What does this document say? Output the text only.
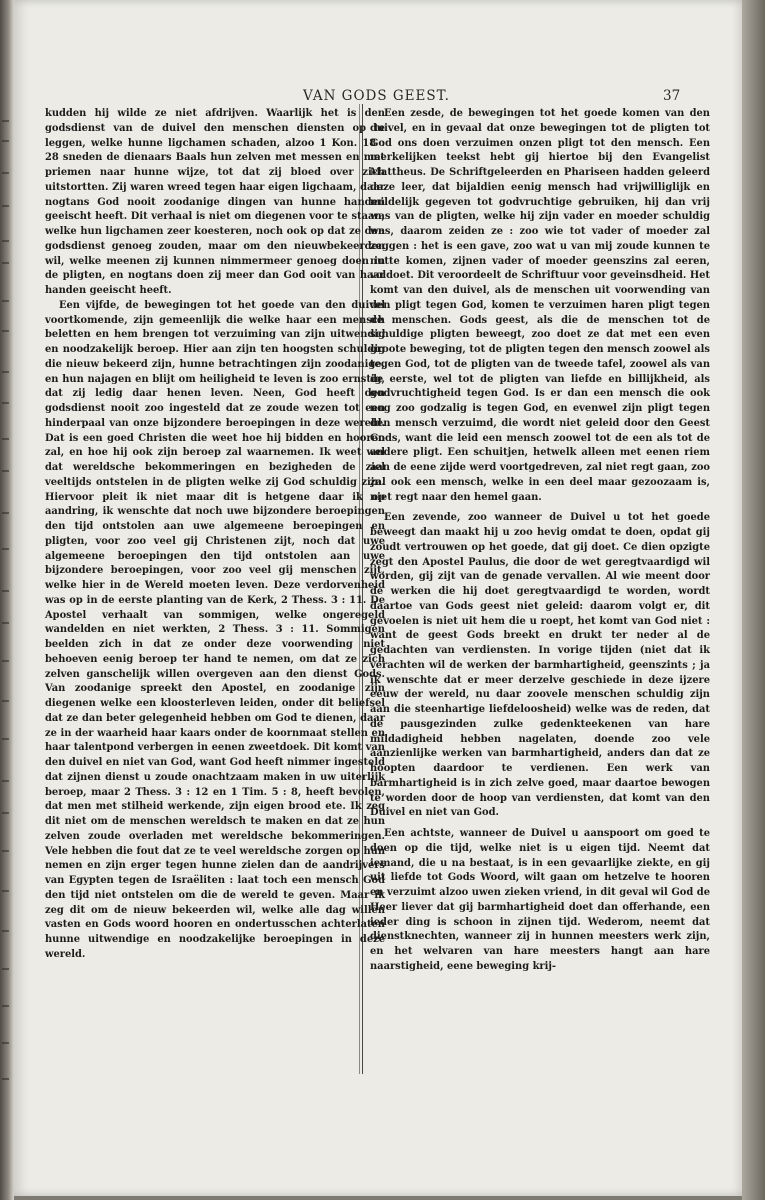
VAN GODS GEEST.	37

kudden hij wilde ze niet afdrijven. Waarlijk het is den godsdienst van de duivel den menschen diensten op te leggen, welke hunne ligchamen schaden, alzoo 1 Kon. 18 : 28 sneden de dienaars Baals hun zelven met messen en met priemen naar hunne wijze, tot dat zij bloed over zich uitstortten. Zij waren wreed tegen haar eigen ligchaam, daar nogtans God nooit zoodanige dingen van hunne handen geeischt heeft. Dit verhaal is niet om diegenen voor te staan, welke hun ligchamen zeer koesteren, noch ook op dat ze den godsdienst genoeg zouden, maar om den nieuwbekeerden wil, welke meenen zij kunnen nimmermeer genoeg doen in de pligten, en nogtans doen zij meer dan God ooit van haar handen geeischt heeft.

Een vijfde, de bewegingen tot het goede van den duivel voortkomende, zijn gemeenlijk die welke haar een mensch beletten en hem brengen tot verzuiming van zijn uitwendig en noodzakelijk beroep. Hier aan zijn ten hoogsten schuldig die nieuw bekeerd zijn, hunne betrachtingen zijn zoodanige, en hun najagen en blijt om heiligheid te leven is zoo ernstig, dat zij ledig daar henen leven. Neen, God heeft den godsdienst nooit zoo ingesteld dat ze zoude wezen tot een hinderpaal van onze bijzondere beroepingen in deze wereld. Dat is een goed Christen die weet hoe hij bidden en hooren zal, en hoe hij ook zijn beroep zal waarnemen. Ik weet wel dat wereldsche bekommeringen en bezigheden de ziel veeltijds ontstelen in de pligten welke zij God schuldig zijn. Hiervoor pleit ik niet maar dit is hetgene daar ik op aandring, ik wenschte dat noch uwe bijzondere beroepingen den tijd ontstolen aan uwe algemeene beroepingen en pligten, voor zoo veel gij Christenen zijt, noch dat uwe algemeene beroepingen den tijd ontstolen aan uwe bijzondere beroepingen, voor zoo veel gij menschen zijt, welke hier in de Wereld moeten leven. Deze verdorvenheid was op in de eerste planting van de Kerk, 2 Thess. 3 : 11. De Apostel verhaalt van sommigen, welke ongeregeld wandelden en niet werkten, 2 Thess. 3 : 11. Sommigen beelden zich in dat ze onder deze voorwending niet behoeven eenig beroep ter hand te nemen, om dat ze zich zelven ganschelijk willen overgeven aan den dienst Gods. Van zoodanige spreekt den Apostel, en zoodanige zijn diegenen welke een kloosterleven leiden, onder dit beliefsel dat ze dan beter gelegenheid hebben om God te dienen, daar ze in der waarheid haar kaars onder de koornmaat stellen en haar talentpond verbergen in eenen zweetdoek. Dit komt van den duivel en niet van God, want God heeft nimmer ingesteld dat zijnen dienst u zoude onachtzaam maken in uw uiterlijk beroep, maar 2 Thess. 3 : 12 en 1 Tim. 5 : 8, heeft bevolen, dat men met stilheid werkende, zijn eigen brood ete. Ik zeg dit niet om de menschen wereldsch te maken en dat ze hun zelven zoude overladen met wereldsche bekommeringen. Vele hebben die fout dat ze te veel wereldsche zorgen op hun nemen en zijn erger tegen hunne zielen dan de aandrijvers van Egypten tegen de Israëliten : laat toch een mensch God den tijd niet ontstelen om die de wereld te geven. Maar ik zeg dit om de nieuw bekeerden wil, welke alle dag willen vasten en Gods woord hooren en ondertusschen achterlaten hunne uitwendige en noodzakelijke beroepingen in deze wereld.

Een zesde, de bewegingen tot het goede komen van den duivel, en in gevaal dat onze bewegingen tot de pligten tot God ons doen verzuimen onzen pligt tot den mensch. Een merkelijken teekst hebt gij hiertoe bij den Evangelist Mattheus. De Schriftgeleerden en Phariseen hadden geleerd deze leer, dat bijaldien eenig mensch had vrijwilliglijk en mildelijk gegeven tot godvruchtige gebruiken, hij dan vrij was van de pligten, welke hij zijn vader en moeder schuldig was, daarom zeiden ze : zoo wie tot vader of moeder zal zeggen : het is een gave, zoo wat u van mij zoude kunnen te nutte komen, zijnen vader of moeder geenszins zal eeren, voldoet. Dit veroordeelt de Schriftuur voor geveinsdheid. Het komt van den duivel, als de menschen uit voorwending van den pligt tegen God, komen te verzuimen haren pligt tegen de menschen. Gods geest, als die de menschen tot de schuldige pligten beweegt, zoo doet ze dat met een even groote beweging, tot de pligten tegen den mensch zoowel als tegen God, tot de pligten van de tweede tafel, zoowel als van de eerste, wel tot de pligten van liefde en billijkheid, als godvruchtigheid tegen God. Is er dan een mensch die ook nog zoo godzalig is tegen God, en evenwel zijn pligt tegen den mensch verzuimd, die wordt niet geleid door den Geest Gods, want die leid een mensch zoowel tot de een als tot de andere pligt. Een schuitjen, hetwelk alleen met eenen riem aan de eene zijde werd voortgedreven, zal niet regt gaan, zoo zal ook een mensch, welke in een deel maar gezoozaam is, niet regt naar den hemel gaan.

Een zevende, zoo wanneer de Duivel u tot het goede beweegt dan maakt hij u zoo hevig omdat te doen, opdat gij zoudt vertrouwen op het goede, dat gij doet. Ce dien opzigte zegt den Apostel Paulus, die door de wet geregtvaardigd wil worden, gij zijt van de genade vervallen. Al wie meent door de werken die hij doet geregtvaardigd te worden, wordt daartoe van Gods geest niet geleid: daarom volgt er, dit gevoelen is niet uit hem die u roept, het komt van God niet : want de geest Gods breekt en drukt ter neder al de gedachten van verdiensten. In vorige tijden (niet dat ik verachten wil de werken der barmhartigheid, geenszints ; ja ik wenschte dat er meer derzelve geschiede in deze ijzere eeuw der wereld, nu daar zoovele menschen schuldig zijn aan die steenhartige liefdeloosheid) welke was de reden, dat de pausgezinden zulke gedenkteekenen van hare mildadigheid hebben nagelaten, doende zoo vele aanzienlijke werken van barmhartigheid, anders dan dat ze hoopten daardoor te verdienen. Een werk van barmhartigheid is in zich zelve goed, maar daartoe bewogen te worden door de hoop van verdiensten, dat komt van den Duivel en niet van God.

Een achtste, wanneer de Duivel u aanspoort om goed te doen op die tijd, welke niet is u eigen tijd. Neemt dat iemand, die u na bestaat, is in een gevaarlijke ziekte, en gij uit liefde tot Gods Woord, wilt gaan om hetzelve te hooren en verzuimt alzoo uwen zieken vriend, in dit geval wil God de Heer liever dat gij barmhartigheid doet dan offerhande, een ieder ding is schoon in zijnen tijd. Wederom, neemt dat dienstknechten, wanneer zij in hunnen meesters werk zijn, en het welvaren van hare meesters hangt aan hare naarstigheid, eene beweging krij-
